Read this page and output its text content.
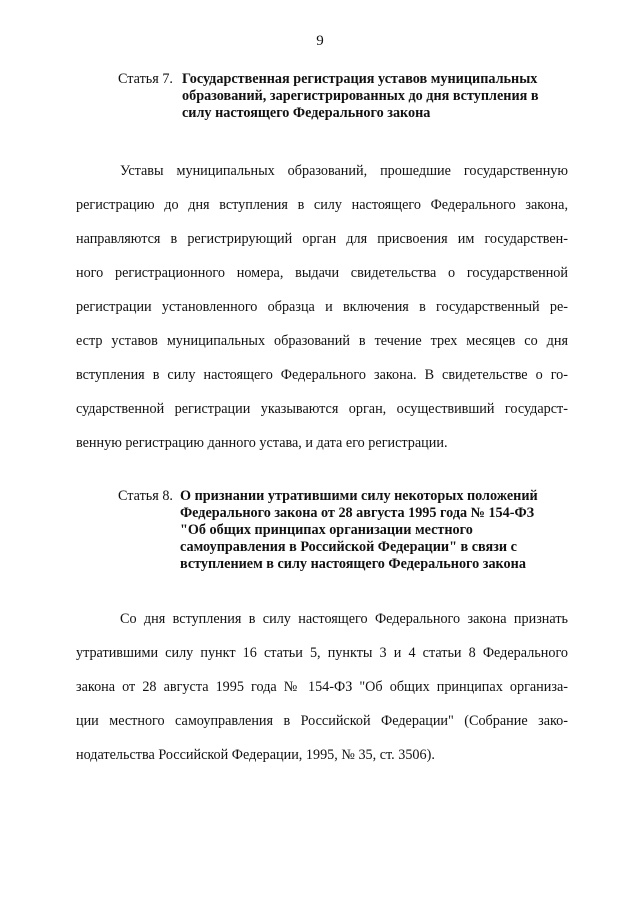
9
Статья 7. Государственная регистрация уставов муниципальных
образований, зарегистрированных до дня вступления в
силу настоящего Федерального закона
Уставы муниципальных образований, прошедшие государственную
регистрацию до дня вступления в силу настоящего Федерального закона,
направляются в регистрирующий орган для присвоения им государствен-
ного регистрационного номера, выдачи свидетельства о государственной
регистрации установленного образца и включения в государственный ре-
естр уставов муниципальных образований в течение трех месяцев со дня
вступления в силу настоящего Федерального закона. В свидетельстве о го-
сударственной регистрации указываются орган, осуществивший государст-
венную регистрацию данного устава, и дата его регистрации.
Статья 8. О признании утратившими силу некоторых положений
Федерального закона от 28 августа 1995 года № 154-ФЗ
"Об общих принципах организации местного
самоуправления в Российской Федерации" в связи с
вступлением в силу настоящего Федерального закона
Со дня вступления в силу настоящего Федерального закона признать
утратившими силу пункт 16 статьи 5, пункты 3 и 4 статьи 8 Федерального
закона от 28 августа 1995 года № 154-ФЗ "Об общих принципах организа-
ции местного самоуправления в Российской Федерации" (Собрание зако-
нодательства Российской Федерации, 1995, № 35, ст. 3506).
